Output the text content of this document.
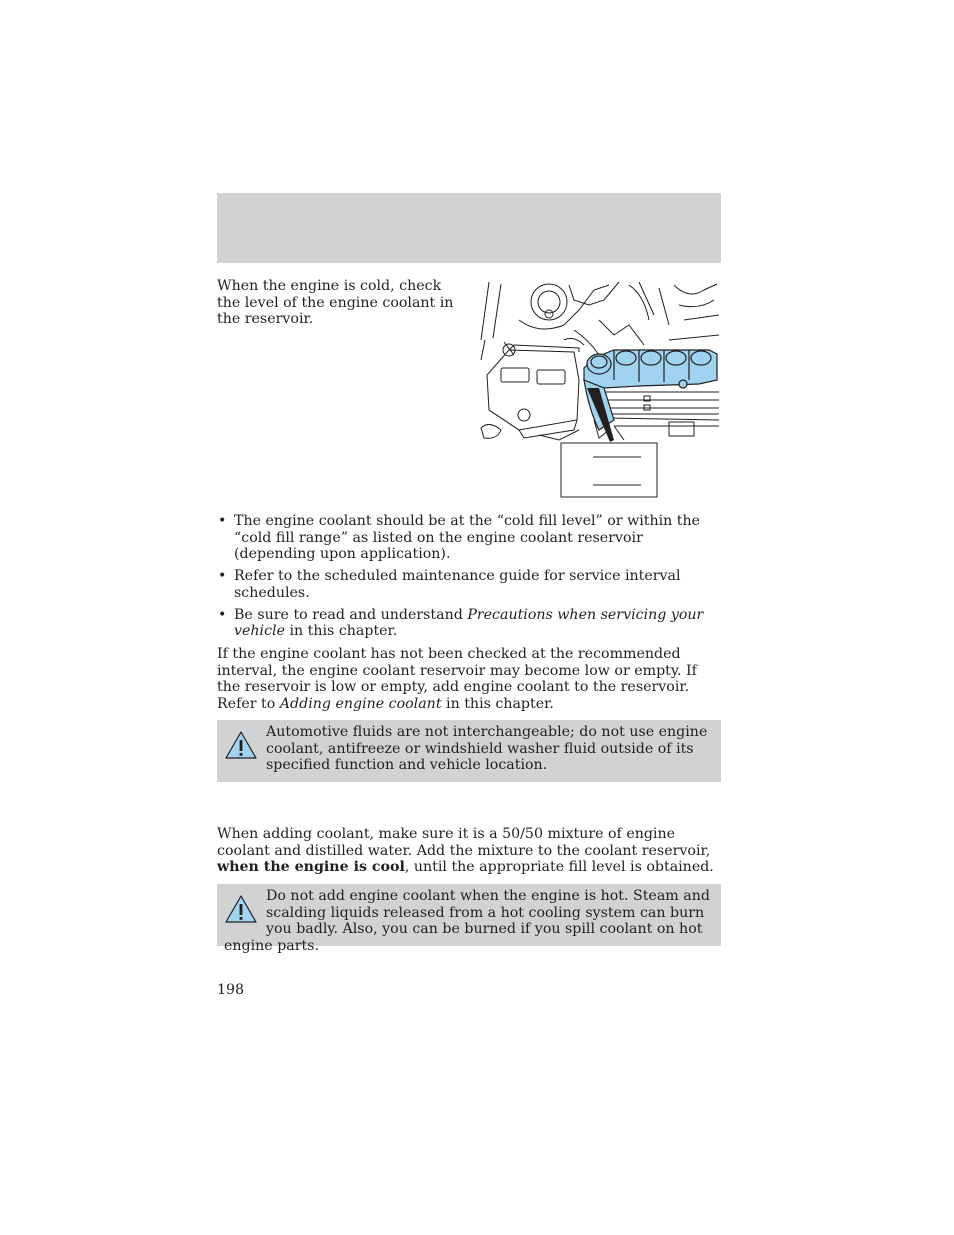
When the engine is cold, check the level of the engine coolant in the reservoir.
• The engine coolant should be at the “cold fill level” or within the “cold fill range” as listed on the engine coolant reservoir (depending upon application).
• Refer to the scheduled maintenance guide for service interval schedules.
• Be sure to read and understand Precautions when servicing your vehicle in this chapter.
If the engine coolant has not been checked at the recommended interval, the engine coolant reservoir may become low or empty. If the reservoir is low or empty, add engine coolant to the reservoir. Refer to Adding engine coolant in this chapter.
Automotive fluids are not interchangeable; do not use engine coolant, antifreeze or windshield washer fluid outside of its specified function and vehicle location.
When adding coolant, make sure it is a 50/50 mixture of engine coolant and distilled water. Add the mixture to the coolant reservoir, when the engine is cool, until the appropriate fill level is obtained.
Do not add engine coolant when the engine is hot. Steam and scalding liquids released from a hot cooling system can burn you badly. Also, you can be burned if you spill coolant on hot engine parts.
198
